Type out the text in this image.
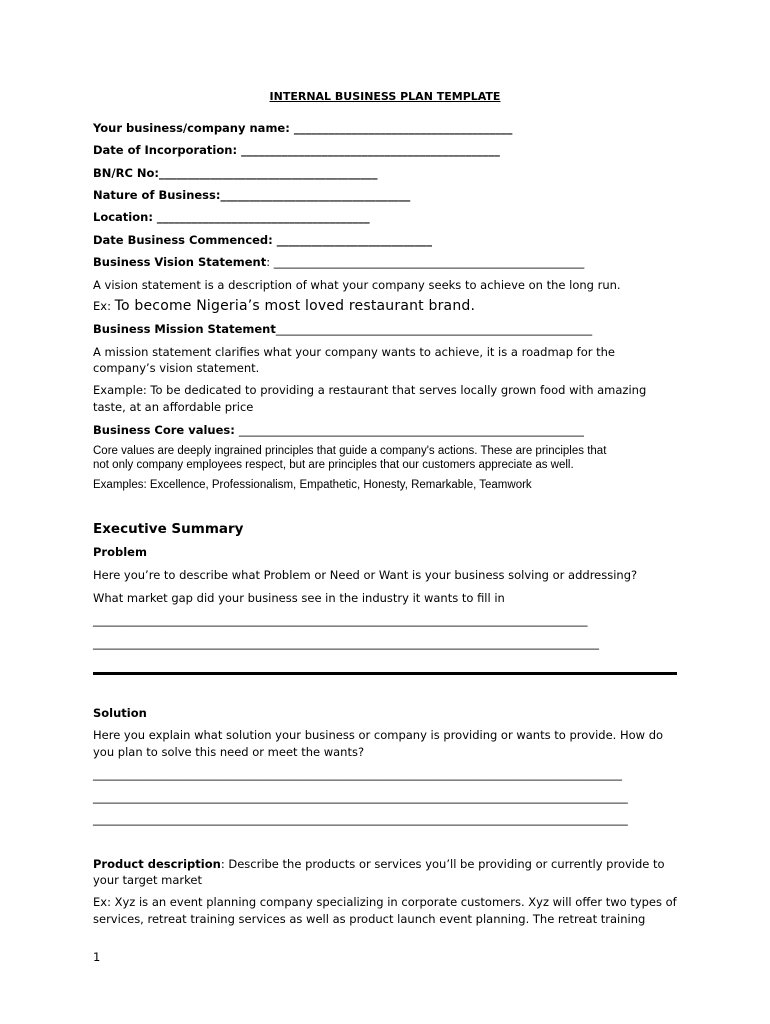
INTERNAL BUSINESS PLAN TEMPLATE
Your business/company name: ______________________________________
Date of Incorporation: _____________________________________________
BN/RC No:______________________________________
Nature of Business:_________________________________
Location: _____________________________________
Date Business Commenced: ___________________________
Business Vision Statement: ______________________________________________________
A vision statement is a description of what your company seeks to achieve on the long run.
Ex: To become Nigeria’s most loved restaurant brand.
Business Mission Statement_______________________________________________________
A mission statement clarifies what your company wants to achieve, it is a roadmap for the
company’s vision statement.
Example: To be dedicated to providing a restaurant that serves locally grown food with amazing
taste, at an affordable price
Business Core values: ____________________________________________________________
Core values are deeply ingrained principles that guide a company's actions. These are principles that
not only company employees respect, but are principles that our customers appreciate as well.
Examples: Excellence, Professionalism, Empathetic, Honesty, Remarkable, Teamwork
Executive Summary
Problem
Here you’re to describe what Problem or Need or Want is your business solving or addressing?
What market gap did your business see in the industry it wants to fill in
______________________________________________________________________________________
________________________________________________________________________________________
Solution
Here you explain what solution your business or company is providing or wants to provide. How do
you plan to solve this need or meet the wants?
____________________________________________________________________________________________
_____________________________________________________________________________________________
_____________________________________________________________________________________________
Product description: Describe the products or services you’ll be providing or currently provide to
your target market
Ex: Xyz is an event planning company specializing in corporate customers. Xyz will offer two types of
services, retreat training services as well as product launch event planning. The retreat training
1
